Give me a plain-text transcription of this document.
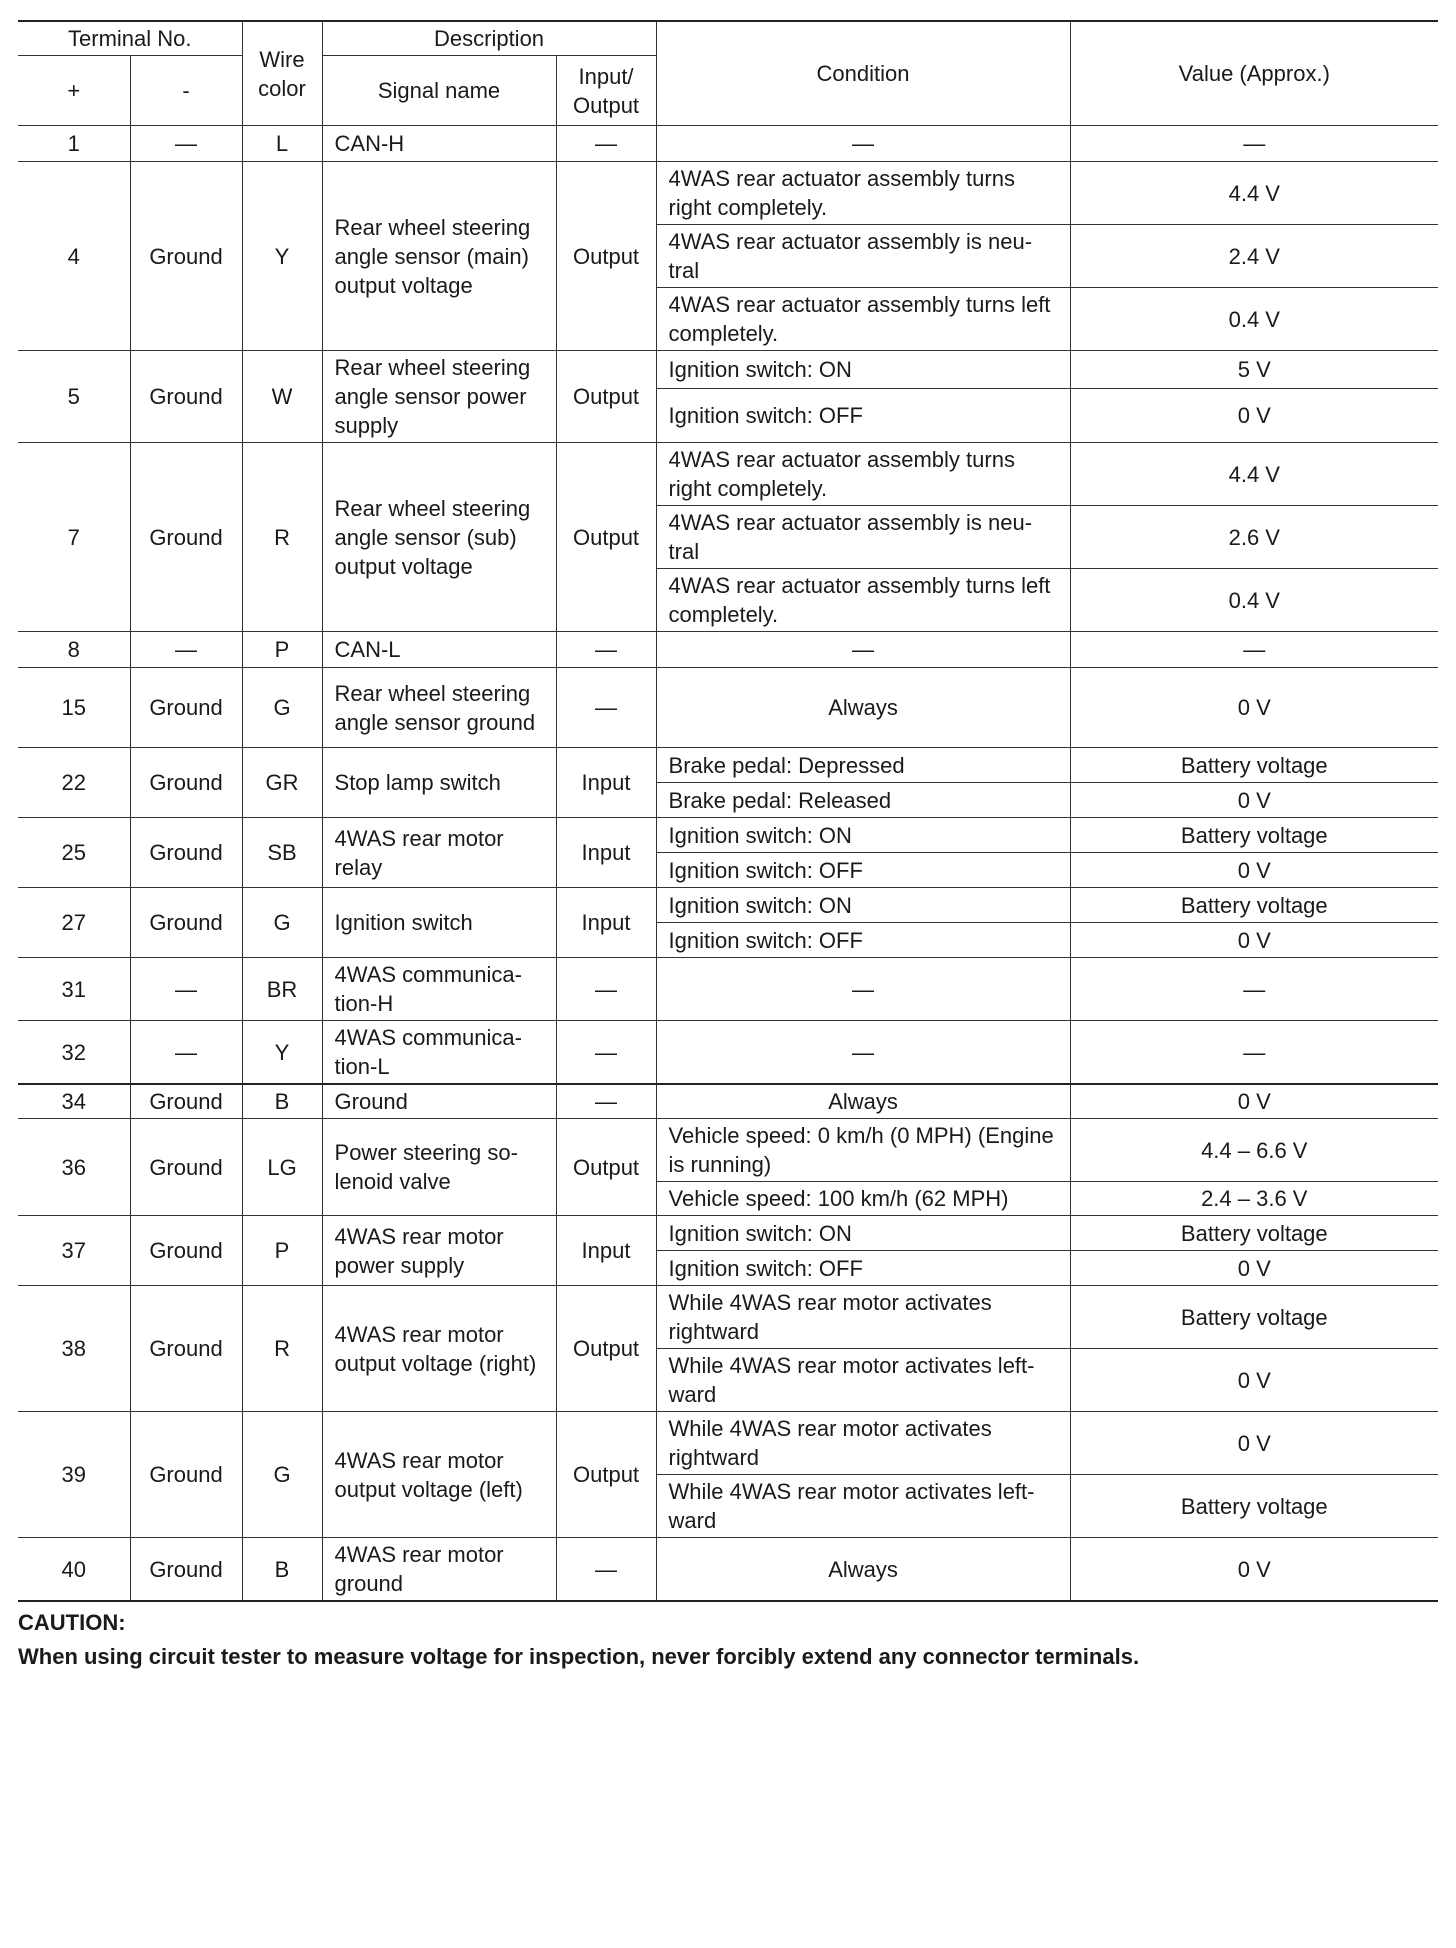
Terminal No.		Wire color	Description		Condition	Value (Approx.)
+	-		Signal name	Input/ Output		
1	—	L	CAN-H	—	—	—
4	Ground	Y	Rear wheel steering angle sensor (main) output voltage	Output	4WAS rear actuator assembly turns right completely.	4.4 V
					4WAS rear actuator assembly is neu-tral	2.4 V
					4WAS rear actuator assembly turns left completely.	0.4 V
5	Ground	W	Rear wheel steering angle sensor power supply	Output	Ignition switch: ON	5 V
					Ignition switch: OFF	0 V
7	Ground	R	Rear wheel steering angle sensor (sub) output voltage	Output	4WAS rear actuator assembly turns right completely.	4.4 V
					4WAS rear actuator assembly is neu-tral	2.6 V
					4WAS rear actuator assembly turns left completely.	0.4 V
8	—	P	CAN-L	—	—	—
15	Ground	G	Rear wheel steering angle sensor ground	—	Always	0 V
22	Ground	GR	Stop lamp switch	Input	Brake pedal: Depressed	Battery voltage
					Brake pedal: Released	0 V
25	Ground	SB	4WAS rear motor relay	Input	Ignition switch: ON	Battery voltage
					Ignition switch: OFF	0 V
27	Ground	G	Ignition switch	Input	Ignition switch: ON	Battery voltage
					Ignition switch: OFF	0 V
31	—	BR	4WAS communica-tion-H	—	—	—
32	—	Y	4WAS communica-tion-L	—	—	—
34	Ground	B	Ground	—	Always	0 V
36	Ground	LG	Power steering so-lenoid valve	Output	Vehicle speed: 0 km/h (0 MPH) (Engine is running)	4.4 – 6.6 V
					Vehicle speed: 100 km/h (62 MPH)	2.4 – 3.6 V
37	Ground	P	4WAS rear motor power supply	Input	Ignition switch: ON	Battery voltage
					Ignition switch: OFF	0 V
38	Ground	R	4WAS rear motor output voltage (right)	Output	While 4WAS rear motor activates rightward	Battery voltage
					While 4WAS rear motor activates left-ward	0 V
39	Ground	G	4WAS rear motor output voltage (left)	Output	While 4WAS rear motor activates rightward	0 V
					While 4WAS rear motor activates left-ward	Battery voltage
40	Ground	B	4WAS rear motor ground	—	Always	0 V
CAUTION:
When using circuit tester to measure voltage for inspection, never forcibly extend any connector terminals.
